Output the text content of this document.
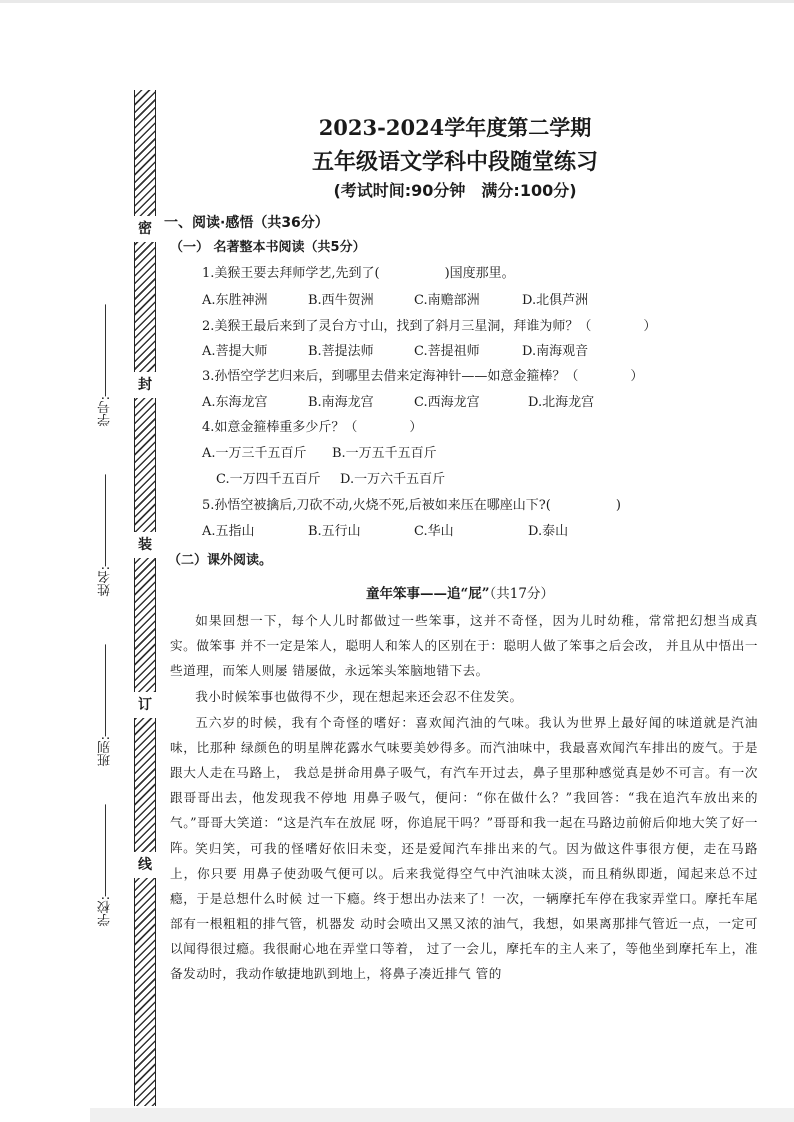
密
封
装
订
线
学号:
姓名:
班别:
学校:
2023-2024学年度第二学期
五年级语文学科中段随堂练习
(考试时间:90分钟　满分:100分)
一、阅读·感悟（共36分）
（一） 名著整本书阅读（共5分）
1.美猴王要去拜师学艺,先到了(　　　　　)国度那里。
A.东胜神洲	B.西牛贺洲	C.南赡部洲	D.北俱芦洲
2.美猴王最后来到了灵台方寸山，找到了斜月三星洞，拜谁为师？（　　　　）
A.菩提大师	B.菩提法师	C.菩提祖师	D.南海观音
3.孙悟空学艺归来后，到哪里去借来定海神针——如意金箍棒？（　　　　）
A.东海龙宫	B.南海龙宫	C.西海龙宫	D.北海龙宫
4.如意金箍棒重多少斤？（　　　　）
A.一万三千五百斤 B.一万五千五百斤
C.一万四千五百斤 D.一万六千五百斤
5.孙悟空被擒后,刀砍不动,火烧不死,后被如来压在哪座山下?(　　　　　)
A.五指山	B.五行山	C.华山	D.泰山
（二）课外阅读。
童年笨事——追“屁”（共17分）
如果回想一下，每个人儿时都做过一些笨事，这并不奇怪，因为儿时幼稚，常常把幻想当成真实。做笨事 并不一定是笨人，聪明人和笨人的区别在于：聪明人做了笨事之后会改， 并且从中悟出一些道理，而笨人则屡 错屡做，永远笨头笨脑地错下去。
我小时候笨事也做得不少，现在想起来还会忍不住发笑。
五六岁的时候，我有个奇怪的嗜好：喜欢闻汽油的气味。我认为世界上最好闻的味道就是汽油味，比那种 绿颜色的明星牌花露水气味要美妙得多。而汽油味中，我最喜欢闻汽车排出的废气。于是跟大人走在马路上， 我总是拼命用鼻子吸气，有汽车开过去，鼻子里那种感觉真是妙不可言。有一次跟哥哥出去，他发现我不停地 用鼻子吸气，便问：“你在做什么？”我回答：“我在追汽车放出来的气。”哥哥大笑道：“这是汽车在放屁 呀，你追屁干吗？”哥哥和我一起在马路边前俯后仰地大笑了好一阵。 笑归笑，可我的怪嗜好依旧未变，还是爱闻汽车排出来的气。因为做这件事很方便，走在马路上，你只要 用鼻子使劲吸气便可以。后来我觉得空气中汽油味太淡，而且稍纵即逝，闻起来总不过瘾，于是总想什么时候 过一下瘾。终于想出办法来了！一次，一辆摩托车停在我家弄堂口。摩托车尾部有一根粗粗的排气管，机器发 动时会喷出又黑又浓的油气，我想，如果离那排气管近一点，一定可以闻得很过瘾。我很耐心地在弄堂口等着， 过了一会儿，摩托车的主人来了，等他坐到摩托车上，准备发动时，我动作敏捷地趴到地上，将鼻子凑近排气 管的
